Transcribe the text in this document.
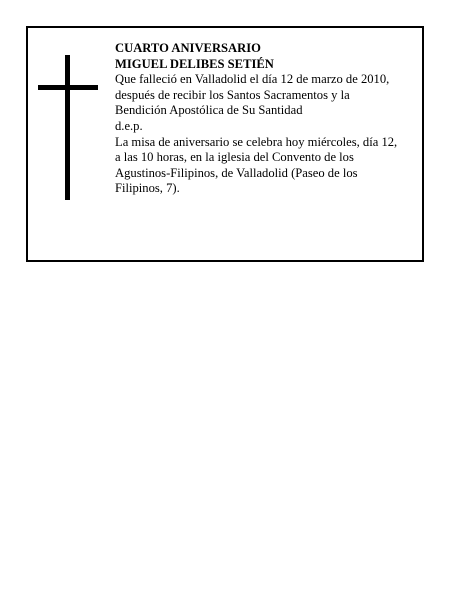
CUARTO ANIVERSARIO

MIGUEL DELIBES SETIÉN

Que falleció en Valladolid el día 12 de marzo de 2010,

después de recibir los Santos Sacramentos y la

Bendición Apostólica de Su Santidad

d.e.p.

La misa de aniversario se celebra hoy miércoles, día 12,

a las 10 horas, en la iglesia del Convento de los

Agustinos-Filipinos, de Valladolid (Paseo de los

Filipinos, 7).
